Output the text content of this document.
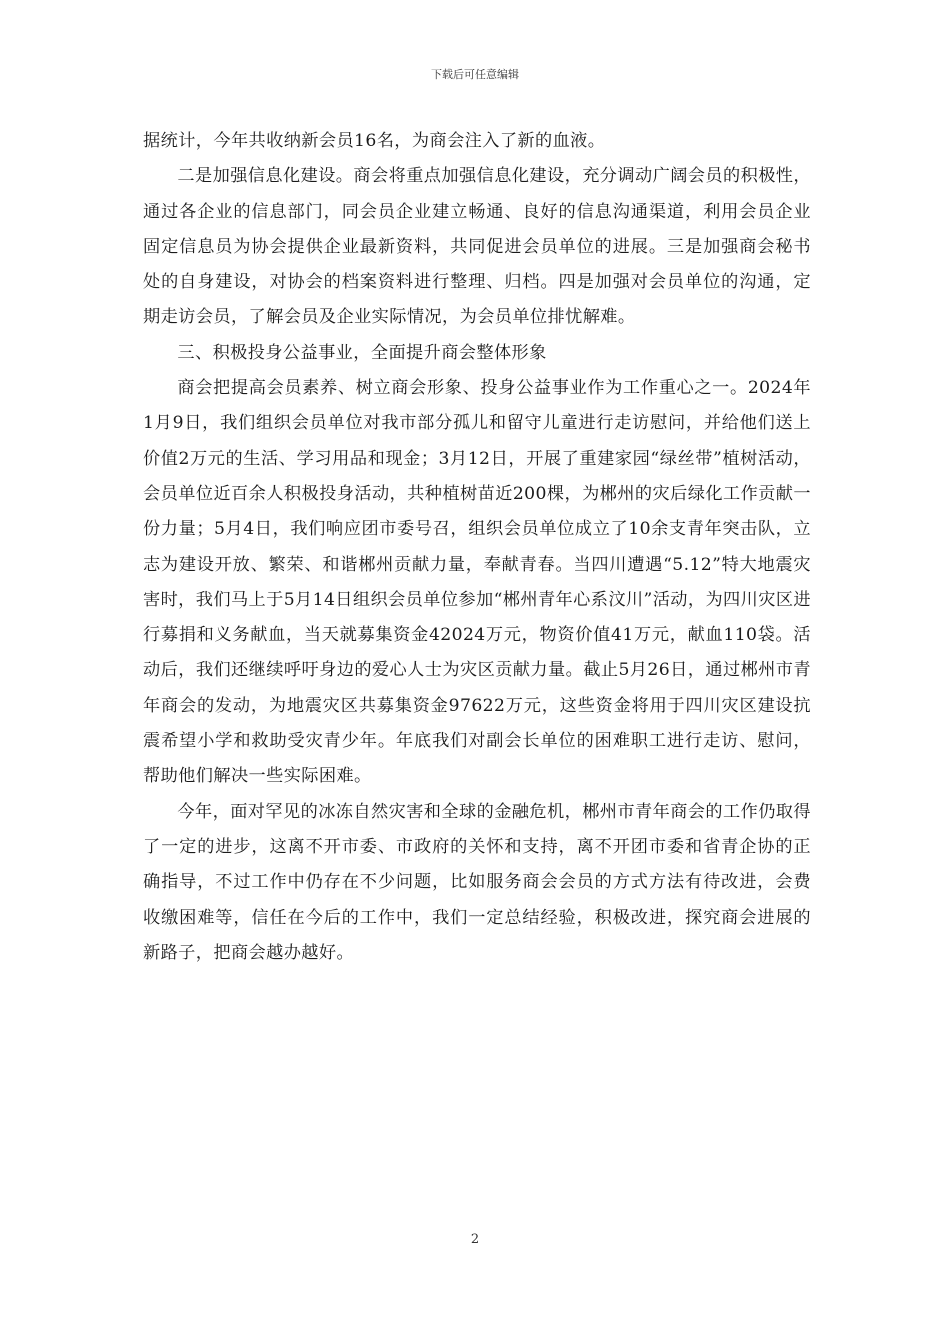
下载后可任意编辑

据统计，今年共收纳新会员16名，为商会注入了新的血液。

二是加强信息化建设。商会将重点加强信息化建设，充分调动广阔会员的积极性，通过各企业的信息部门，同会员企业建立畅通、良好的信息沟通渠道，利用会员企业固定信息员为协会提供企业最新资料，共同促进会员单位的进展。三是加强商会秘书处的自身建设，对协会的档案资料进行整理、归档。四是加强对会员单位的沟通，定期走访会员，了解会员及企业实际情况，为会员单位排忧解难。

三、积极投身公益事业，全面提升商会整体形象

商会把提高会员素养、树立商会形象、投身公益事业作为工作重心之一。2024年1月9日，我们组织会员单位对我市部分孤儿和留守儿童进行走访慰问，并给他们送上价值2万元的生活、学习用品和现金；3月12日，开展了重建家园“绿丝带”植树活动，会员单位近百余人积极投身活动，共种植树苗近200棵，为郴州的灾后绿化工作贡献一份力量；5月4日，我们响应团市委号召，组织会员单位成立了10余支青年突击队，立志为建设开放、繁荣、和谐郴州贡献力量，奉献青春。当四川遭遇“5.12”特大地震灾害时，我们马上于5月14日组织会员单位参加“郴州青年心系汶川”活动，为四川灾区进行募捐和义务献血，当天就募集资金42024万元，物资价值41万元，献血110袋。活动后，我们还继续呼吁身边的爱心人士为灾区贡献力量。截止5月26日，通过郴州市青年商会的发动，为地震灾区共募集资金97622万元，这些资金将用于四川灾区建设抗震希望小学和救助受灾青少年。年底我们对副会长单位的困难职工进行走访、慰问，帮助他们解决一些实际困难。

今年，面对罕见的冰冻自然灾害和全球的金融危机，郴州市青年商会的工作仍取得了一定的进步，这离不开市委、市政府的关怀和支持，离不开团市委和省青企协的正确指导，不过工作中仍存在不少问题，比如服务商会会员的方式方法有待改进，会费收缴困难等，信任在今后的工作中，我们一定总结经验，积极改进，探究商会进展的新路子，把商会越办越好。

2
